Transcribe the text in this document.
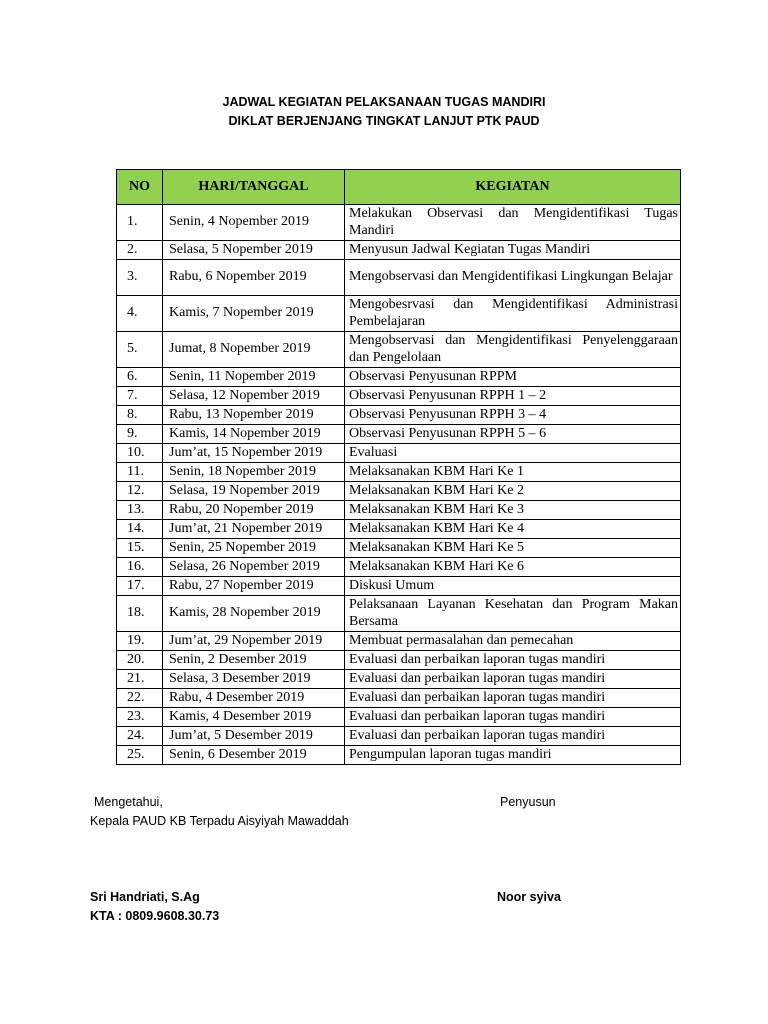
JADWAL KEGIATAN PELAKSANAAN TUGAS MANDIRI
DIKLAT BERJENJANG TINGKAT LANJUT PTK PAUD
NO	HARI/TANGGAL	KEGIATAN
1.	Senin, 4 Nopember 2019	Melakukan Observasi dan Mengidentifikasi Tugas Mandiri
2.	Selasa, 5 Nopember 2019	Menyusun Jadwal Kegiatan Tugas Mandiri
3.	Rabu, 6 Nopember 2019	Mengobservasi dan Mengidentifikasi Lingkungan Belajar
4.	Kamis, 7 Nopember 2019	Mengobesrvasi dan Mengidentifikasi Administrasi Pembelajaran
5.	Jumat, 8 Nopember 2019	Mengobservasi dan Mengidentifikasi Penyelenggaraan dan Pengelolaan
6.	Senin, 11 Nopember 2019	Observasi Penyusunan RPPM
7.	Selasa, 12 Nopember 2019	Observasi Penyusunan RPPH 1 – 2
8.	Rabu, 13 Nopember 2019	Observasi Penyusunan RPPH 3 – 4
9.	Kamis, 14 Nopember 2019	Observasi Penyusunan RPPH 5 – 6
10.	Jum’at, 15 Nopember 2019	Evaluasi
11.	Senin, 18 Nopember 2019	Melaksanakan KBM Hari Ke 1
12.	Selasa, 19 Nopember 2019	Melaksanakan KBM Hari Ke 2
13.	Rabu, 20 Nopember 2019	Melaksanakan KBM Hari Ke 3
14.	Jum’at, 21 Nopember 2019	Melaksanakan KBM Hari Ke 4
15.	Senin, 25 Nopember 2019	Melaksanakan KBM Hari Ke 5
16.	Selasa, 26 Nopember 2019	Melaksanakan KBM Hari Ke 6
17.	Rabu, 27 Nopember 2019	Diskusi Umum
18.	Kamis, 28 Nopember 2019	Pelaksanaan Layanan Kesehatan dan Program Makan Bersama
19.	Jum’at, 29 Nopember 2019	Membuat permasalahan dan pemecahan
20.	Senin, 2 Desember 2019	Evaluasi dan perbaikan laporan tugas mandiri
21.	Selasa, 3 Desember 2019	Evaluasi dan perbaikan laporan tugas mandiri
22.	Rabu, 4 Desember 2019	Evaluasi dan perbaikan laporan tugas mandiri
23.	Kamis, 4 Desember 2019	Evaluasi dan perbaikan laporan tugas mandiri
24.	Jum’at, 5 Desember 2019	Evaluasi dan perbaikan laporan tugas mandiri
25.	Senin, 6 Desember 2019	Pengumpulan laporan tugas mandiri
Mengetahui,
Kepala PAUD KB Terpadu Aisyiyah Mawaddah
Penyusun
Sri Handriati, S.Ag
KTA : 0809.9608.30.73
Noor syiva
